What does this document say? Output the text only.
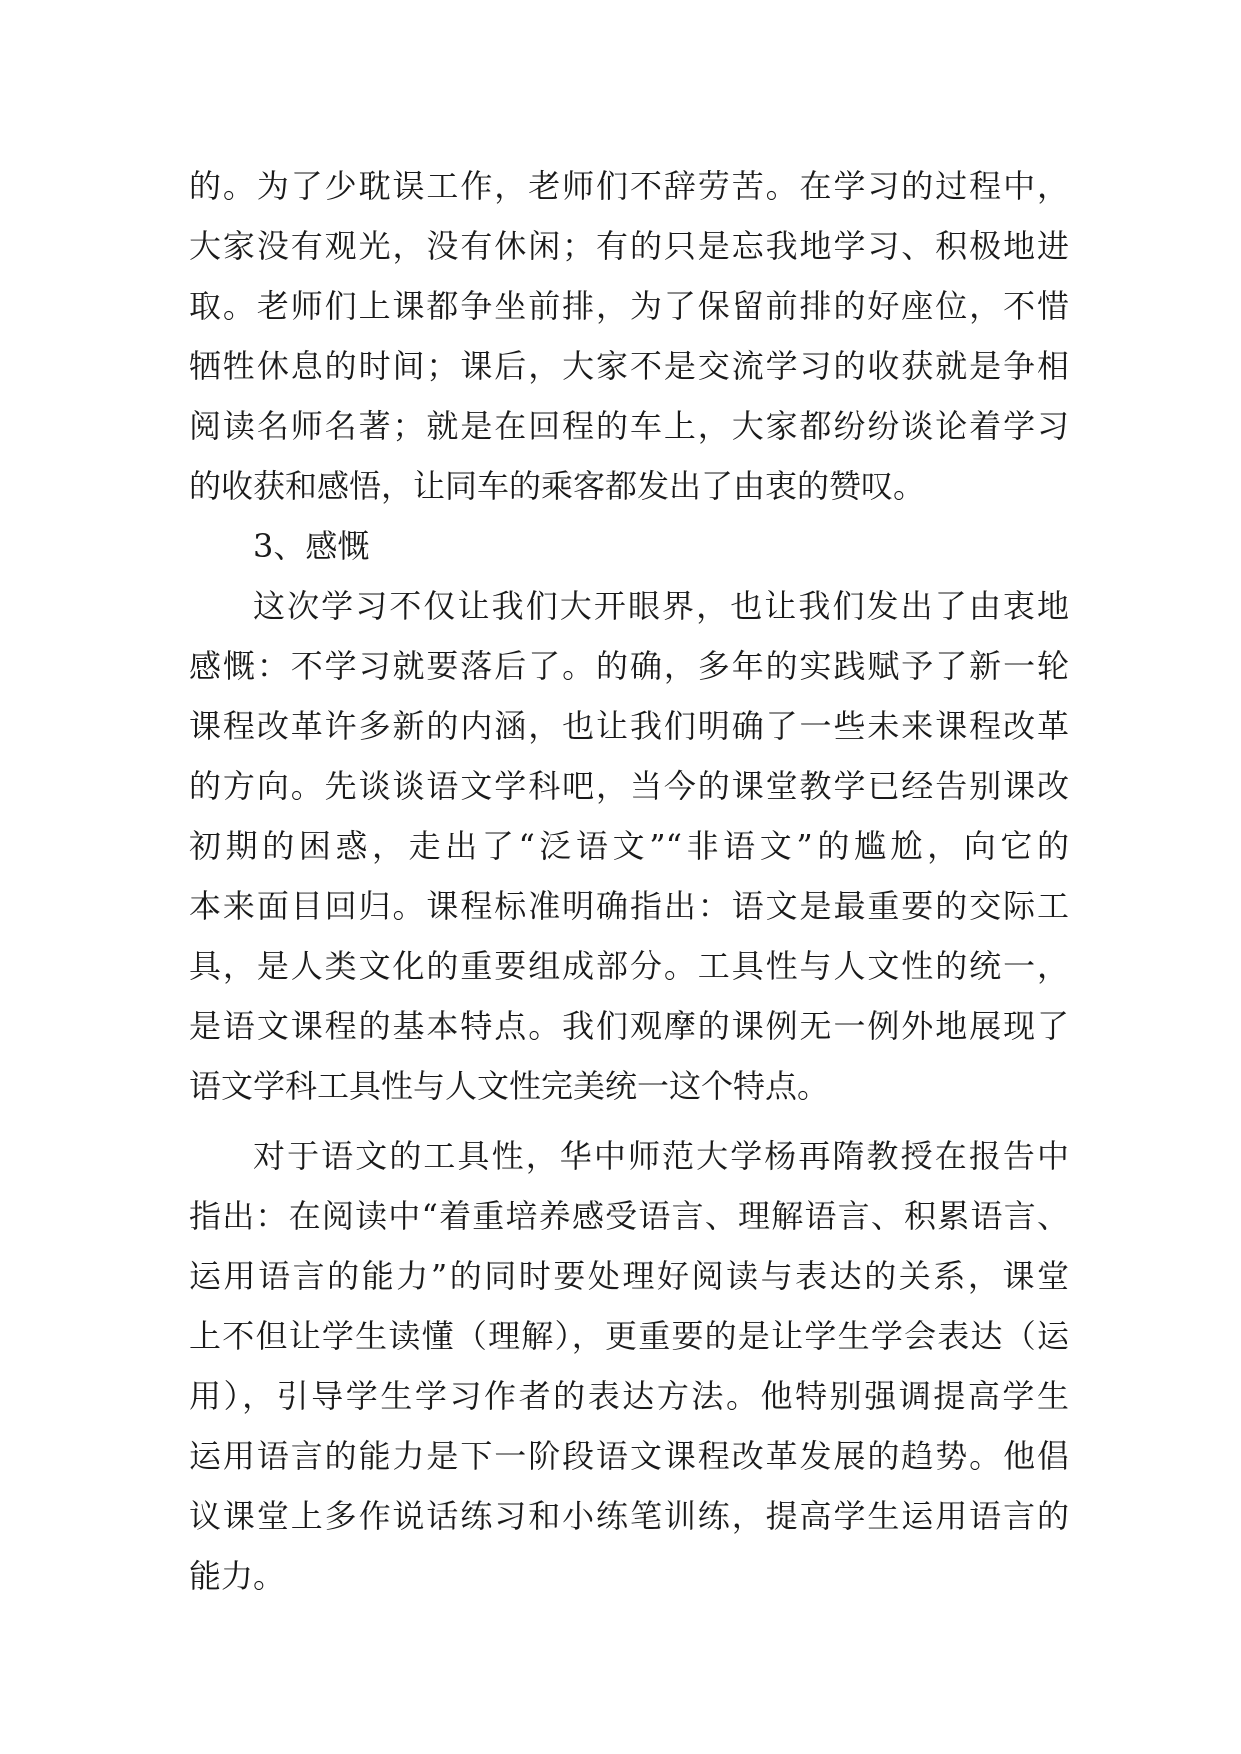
的。为了少耽误工作，老师们不辞劳苦。在学习的过程中，
大家没有观光，没有休闲；有的只是忘我地学习、积极地进
取。老师们上课都争坐前排，为了保留前排的好座位，不惜
牺牲休息的时间；课后，大家不是交流学习的收获就是争相
阅读名师名著；就是在回程的车上，大家都纷纷谈论着学习
的收获和感悟，让同车的乘客都发出了由衷的赞叹。
3、感慨
这次学习不仅让我们大开眼界，也让我们发出了由衷地
感慨：不学习就要落后了。的确，多年的实践赋予了新一轮
课程改革许多新的内涵，也让我们明确了一些未来课程改革
的方向。先谈谈语文学科吧，当今的课堂教学已经告别课改
初期的困惑，走出了“泛语文”“非语文”的尴尬，向它的
本来面目回归。课程标准明确指出：语文是最重要的交际工
具，是人类文化的重要组成部分。工具性与人文性的统一，
是语文课程的基本特点。我们观摩的课例无一例外地展现了
语文学科工具性与人文性完美统一这个特点。
对于语文的工具性，华中师范大学杨再隋教授在报告中
指出：在阅读中“着重培养感受语言、理解语言、积累语言、
运用语言的能力”的同时要处理好阅读与表达的关系，课堂
上不但让学生读懂（理解），更重要的是让学生学会表达（运
用），引导学生学习作者的表达方法。他特别强调提高学生
运用语言的能力是下一阶段语文课程改革发展的趋势。他倡
议课堂上多作说话练习和小练笔训练，提高学生运用语言的
能力。
